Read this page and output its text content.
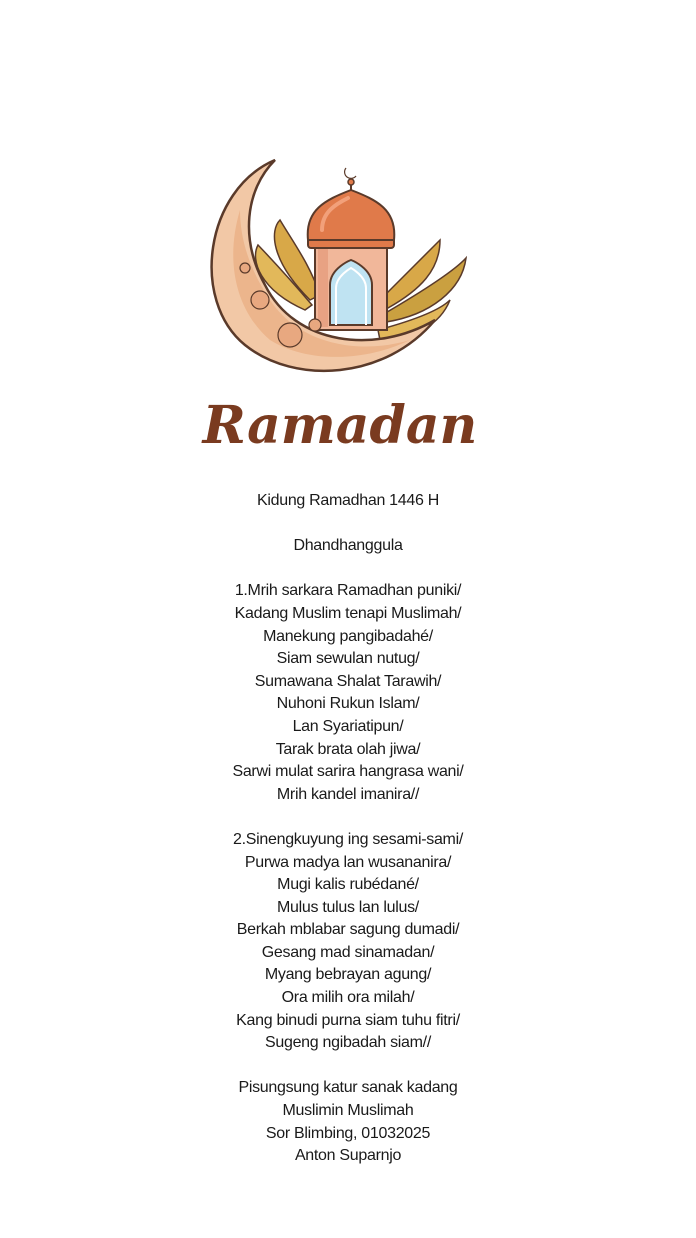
Ramadan
Kidung Ramadhan 1446 H
Dhandhanggula
1.Mrih sarkara Ramadhan puniki/
Kadang Muslim tenapi Muslimah/
Manekung pangibadahé/
Siam sewulan nutug/
Sumawana Shalat Tarawih/
Nuhoni Rukun Islam/
Lan Syariatipun/
Tarak brata olah jiwa/
Sarwi mulat sarira hangrasa wani/
Mrih kandel imanira//
2.Sinengkuyung ing sesami-sami/
Purwa madya lan wusananira/
Mugi kalis rubédané/
Mulus tulus lan lulus/
Berkah mblabar sagung dumadi/
Gesang mad sinamadan/
Myang bebrayan agung/
Ora milih ora milah/
Kang binudi purna siam tuhu fitri/
Sugeng ngibadah siam//
Pisungsung katur sanak kadang
Muslimin Muslimah
Sor Blimbing, 01032025
Anton Suparnjo
